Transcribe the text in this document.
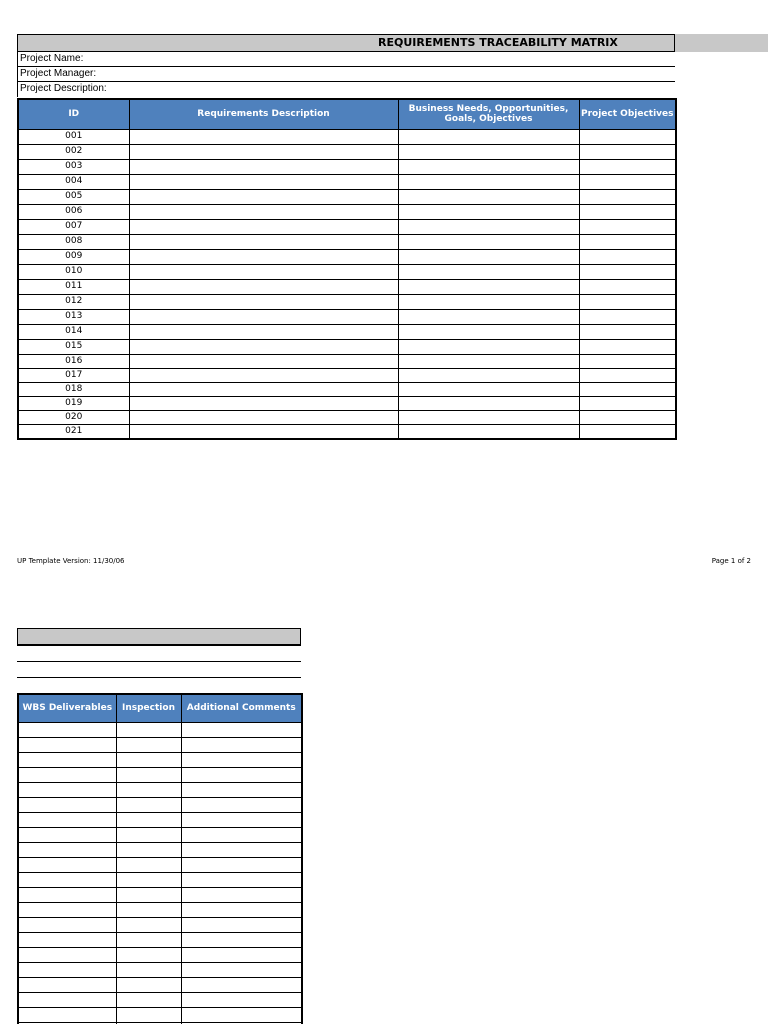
REQUIREMENTS TRACEABILITY MATRIX
Project Name:
Project Manager:
Project Description:
ID	Requirements Description	Business Needs, Opportunities, Goals, Objectives	Project Objectives
001			
002			
003			
004			
005			
006			
007			
008			
009			
010			
011			
012			
013			
014			
015			
016			
017			
018			
019			
020			
021			
UP Template Version: 11/30/06	Page 1 of 2
WBS Deliverables	Inspection	Additional Comments
